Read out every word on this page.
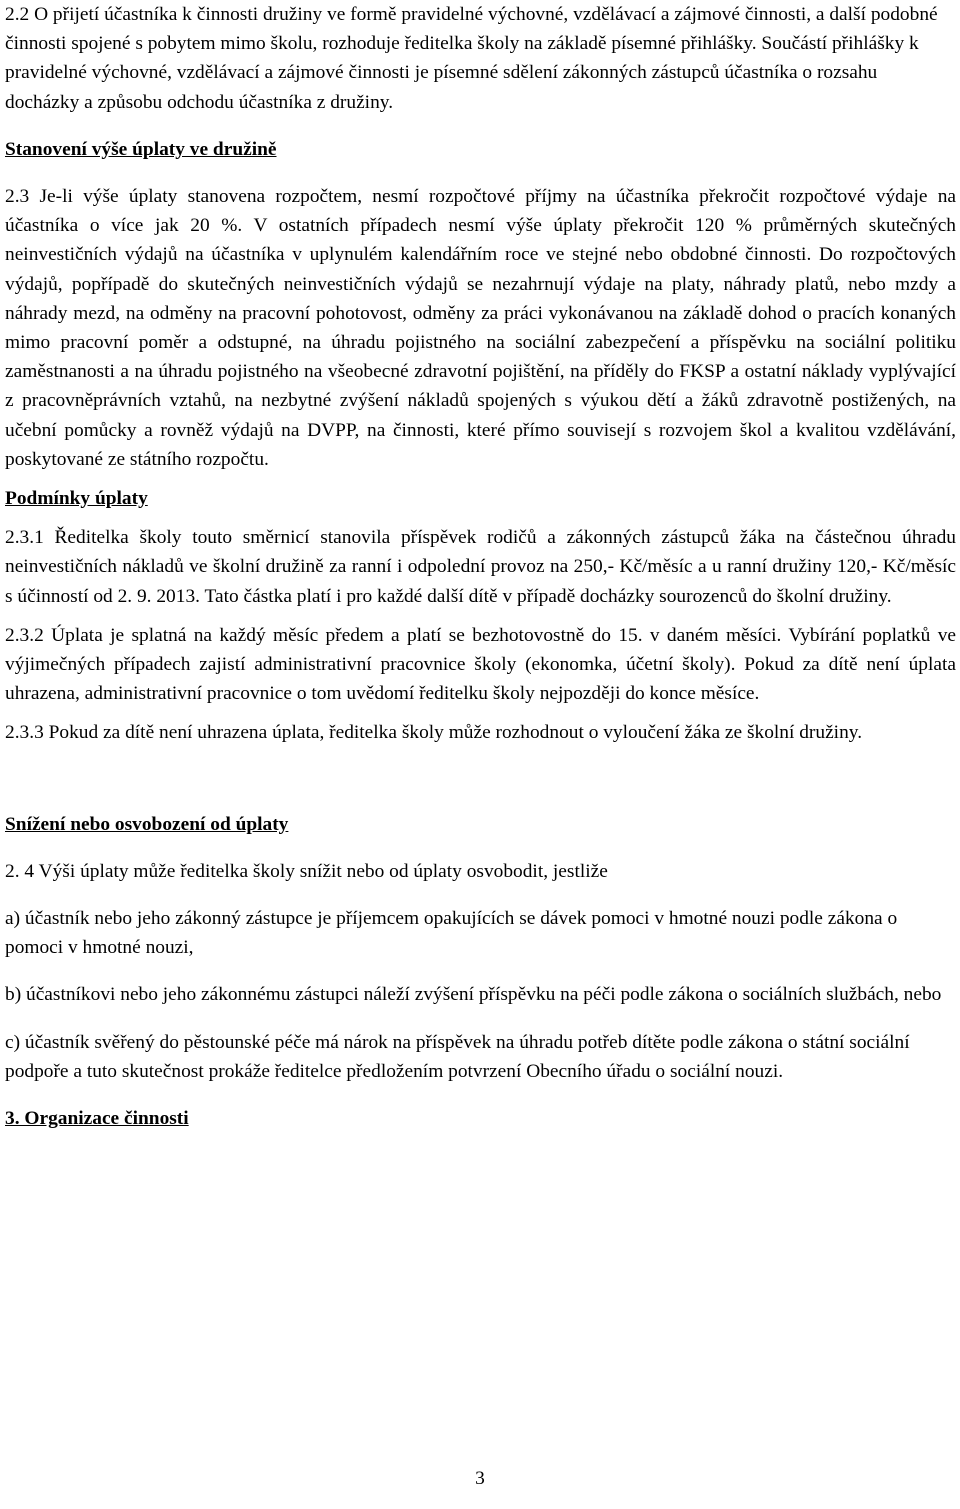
2.2 O přijetí účastníka k činnosti družiny ve formě pravidelné výchovné, vzdělávací a zájmové činnosti, a další podobné činnosti spojené s pobytem mimo školu, rozhoduje ředitelka školy na základě písemné přihlášky. Součástí přihlášky k pravidelné výchovné, vzdělávací a zájmové činnosti je písemné sdělení zákonných zástupců účastníka o rozsahu docházky a způsobu odchodu účastníka z družiny.

Stanovení výše úplaty ve družině

2.3 Je-li výše úplaty stanovena rozpočtem, nesmí rozpočtové příjmy na účastníka překročit rozpočtové výdaje na účastníka o více jak 20 %. V ostatních případech nesmí výše úplaty překročit 120 % průměrných skutečných neinvestičních výdajů na účastníka v uplynulém kalendářním roce ve stejné nebo obdobné činnosti. Do rozpočtových výdajů, popřípadě do skutečných neinvestičních výdajů se nezahrnují výdaje na platy, náhrady platů, nebo mzdy a náhrady mezd, na odměny na pracovní pohotovost, odměny za práci vykonávanou na základě dohod o pracích konaných mimo pracovní poměr a odstupné, na úhradu pojistného na sociální zabezpečení a příspěvku na sociální politiku zaměstnanosti a na úhradu pojistného na všeobecné zdravotní pojištění, na příděly do FKSP a ostatní náklady vyplývající z pracovněprávních vztahů, na nezbytné zvýšení nákladů spojených s výukou dětí a žáků zdravotně postižených, na učební pomůcky a rovněž výdajů na DVPP, na činnosti, které přímo souvisejí s rozvojem škol a kvalitou vzdělávání, poskytované ze státního rozpočtu.

Podmínky úplaty

2.3.1 Ředitelka školy touto směrnicí stanovila příspěvek rodičů a zákonných zástupců žáka na částečnou úhradu neinvestičních nákladů ve školní družině za ranní i odpolední provoz na 250,- Kč/měsíc a u ranní družiny 120,- Kč/měsíc s účinností od 2. 9. 2013. Tato částka platí i pro každé další dítě v případě docházky sourozenců do školní družiny.

2.3.2 Úplata je splatná na každý měsíc předem a platí se bezhotovostně do 15. v daném měsíci. Vybírání poplatků ve výjimečných případech zajistí administrativní pracovnice školy (ekonomka, účetní školy). Pokud za dítě není úplata uhrazena, administrativní pracovnice o tom uvědomí ředitelku školy nejpozději do konce měsíce.

2.3.3 Pokud za dítě není uhrazena úplata, ředitelka školy může rozhodnout o vyloučení žáka ze školní družiny.

Snížení nebo osvobození od úplaty

2. 4 Výši úplaty může ředitelka školy snížit nebo od úplaty osvobodit, jestliže

a) účastník nebo jeho zákonný zástupce je příjemcem opakujících se dávek pomoci v hmotné nouzi podle zákona o pomoci v hmotné nouzi,

b) účastníkovi nebo jeho zákonnému zástupci náleží zvýšení příspěvku na péči podle zákona o sociálních službách, nebo

c) účastník svěřený do pěstounské péče má nárok na příspěvek na úhradu potřeb dítěte podle zákona o státní sociální podpoře a tuto skutečnost prokáže ředitelce předložením potvrzení Obecního úřadu o sociální nouzi.

3. Organizace činnosti

3
